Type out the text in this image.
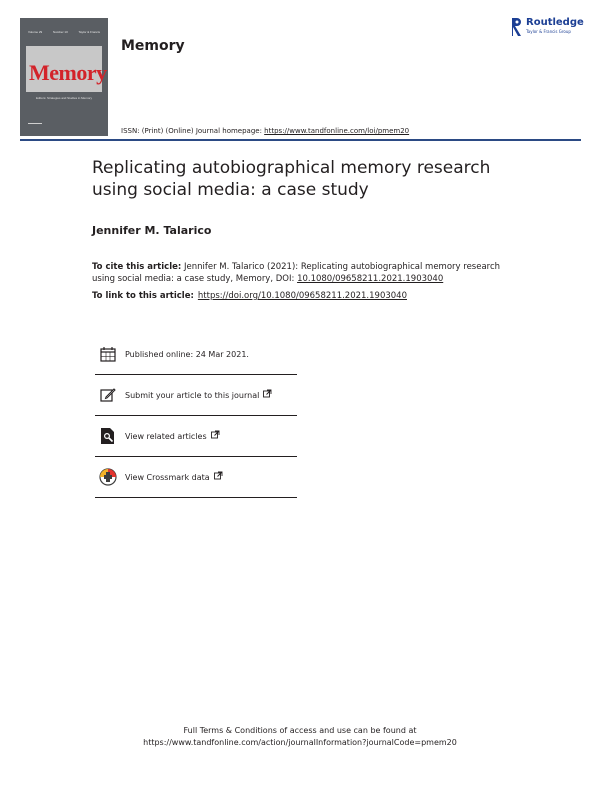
Volume 29	Number 10	Taylor & Francis
Memory
Editors: Strategies and Studies in Memory
Memory
Routledge
Taylor & Francis Group
ISSN: (Print) (Online) Journal homepage: https://www.tandfonline.com/loi/pmem20
Replicating autobiographical memory research using social media: a case study
Jennifer M. Talarico
To cite this article: Jennifer M. Talarico (2021): Replicating autobiographical memory research using social media: a case study, Memory, DOI: 10.1080/09658211.2021.1903040
To link to this article: https://doi.org/10.1080/09658211.2021.1903040
Published online: 24 Mar 2021.
Submit your article to this journal
View related articles
View Crossmark data
Full Terms & Conditions of access and use can be found at
https://www.tandfonline.com/action/journalInformation?journalCode=pmem20
